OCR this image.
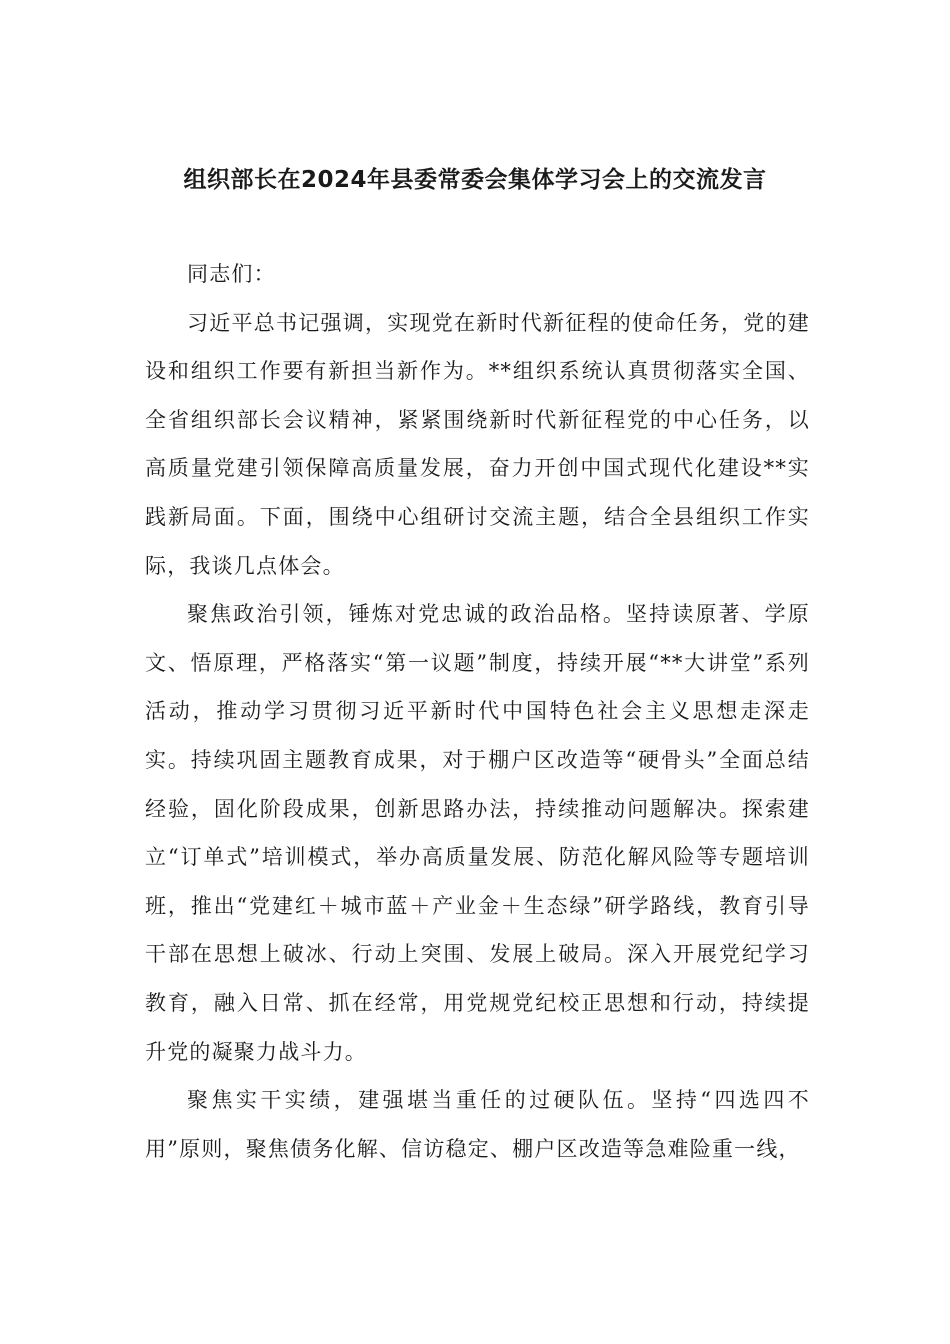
组织部长在2024年县委常委会集体学习会上的交流发言

同志们：

习近平总书记强调，实现党在新时代新征程的使命任务，党的建设和组织工作要有新担当新作为。**组织系统认真贯彻落实全国、全省组织部长会议精神，紧紧围绕新时代新征程党的中心任务，以高质量党建引领保障高质量发展，奋力开创中国式现代化建设**实践新局面。下面，围绕中心组研讨交流主题，结合全县组织工作实际，我谈几点体会。

聚焦政治引领，锤炼对党忠诚的政治品格。坚持读原著、学原文、悟原理，严格落实“第一议题”制度，持续开展“**大讲堂”系列活动，推动学习贯彻习近平新时代中国特色社会主义思想走深走实。持续巩固主题教育成果，对于棚户区改造等“硬骨头”全面总结经验，固化阶段成果，创新思路办法，持续推动问题解决。探索建立“订单式”培训模式，举办高质量发展、防范化解风险等专题培训班，推出“党建红＋城市蓝＋产业金＋生态绿”研学路线，教育引导干部在思想上破冰、行动上突围、发展上破局。深入开展党纪学习教育，融入日常、抓在经常，用党规党纪校正思想和行动，持续提升党的凝聚力战斗力。

聚焦实干实绩，建强堪当重任的过硬队伍。坚持“四选四不用”原则，聚焦债务化解、信访稳定、棚户区改造等急难险重一线，
